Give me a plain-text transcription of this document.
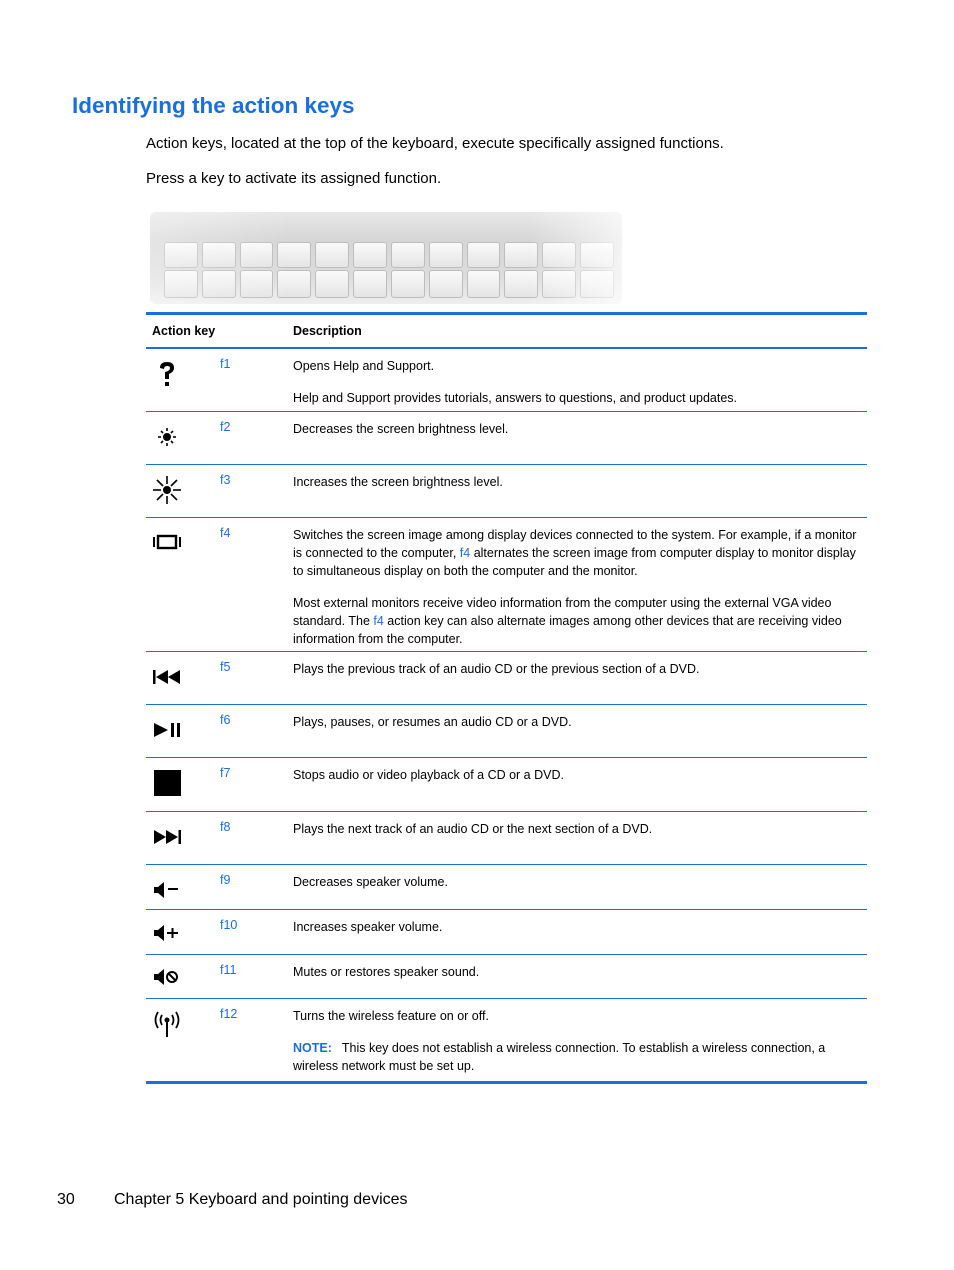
Identifying the action keys

Action keys, located at the top of the keyboard, execute specifically assigned functions.

Press a key to activate its assigned function.

Action key	Description
f1	Opens Help and Support.

Help and Support provides tutorials, answers to questions, and product updates.

f2	Decreases the screen brightness level.

f3	Increases the screen brightness level.

f4	Switches the screen image among display devices connected to the system. For example, if a monitor is connected to the computer, f4 alternates the screen image from computer display to monitor display to simultaneous display on both the computer and the monitor.

Most external monitors receive video information from the computer using the external VGA video standard. The f4 action key can also alternate images among other devices that are receiving video information from the computer.

f5	Plays the previous track of an audio CD or the previous section of a DVD.

f6	Plays, pauses, or resumes an audio CD or a DVD.

f7	Stops audio or video playback of a CD or a DVD.

f8	Plays the next track of an audio CD or the next section of a DVD.

f9	Decreases speaker volume.

f10	Increases speaker volume.

f11	Mutes or restores speaker sound.

f12	Turns the wireless feature on or off.

NOTE: This key does not establish a wireless connection. To establish a wireless connection, a wireless network must be set up.

30 Chapter 5 Keyboard and pointing devices
